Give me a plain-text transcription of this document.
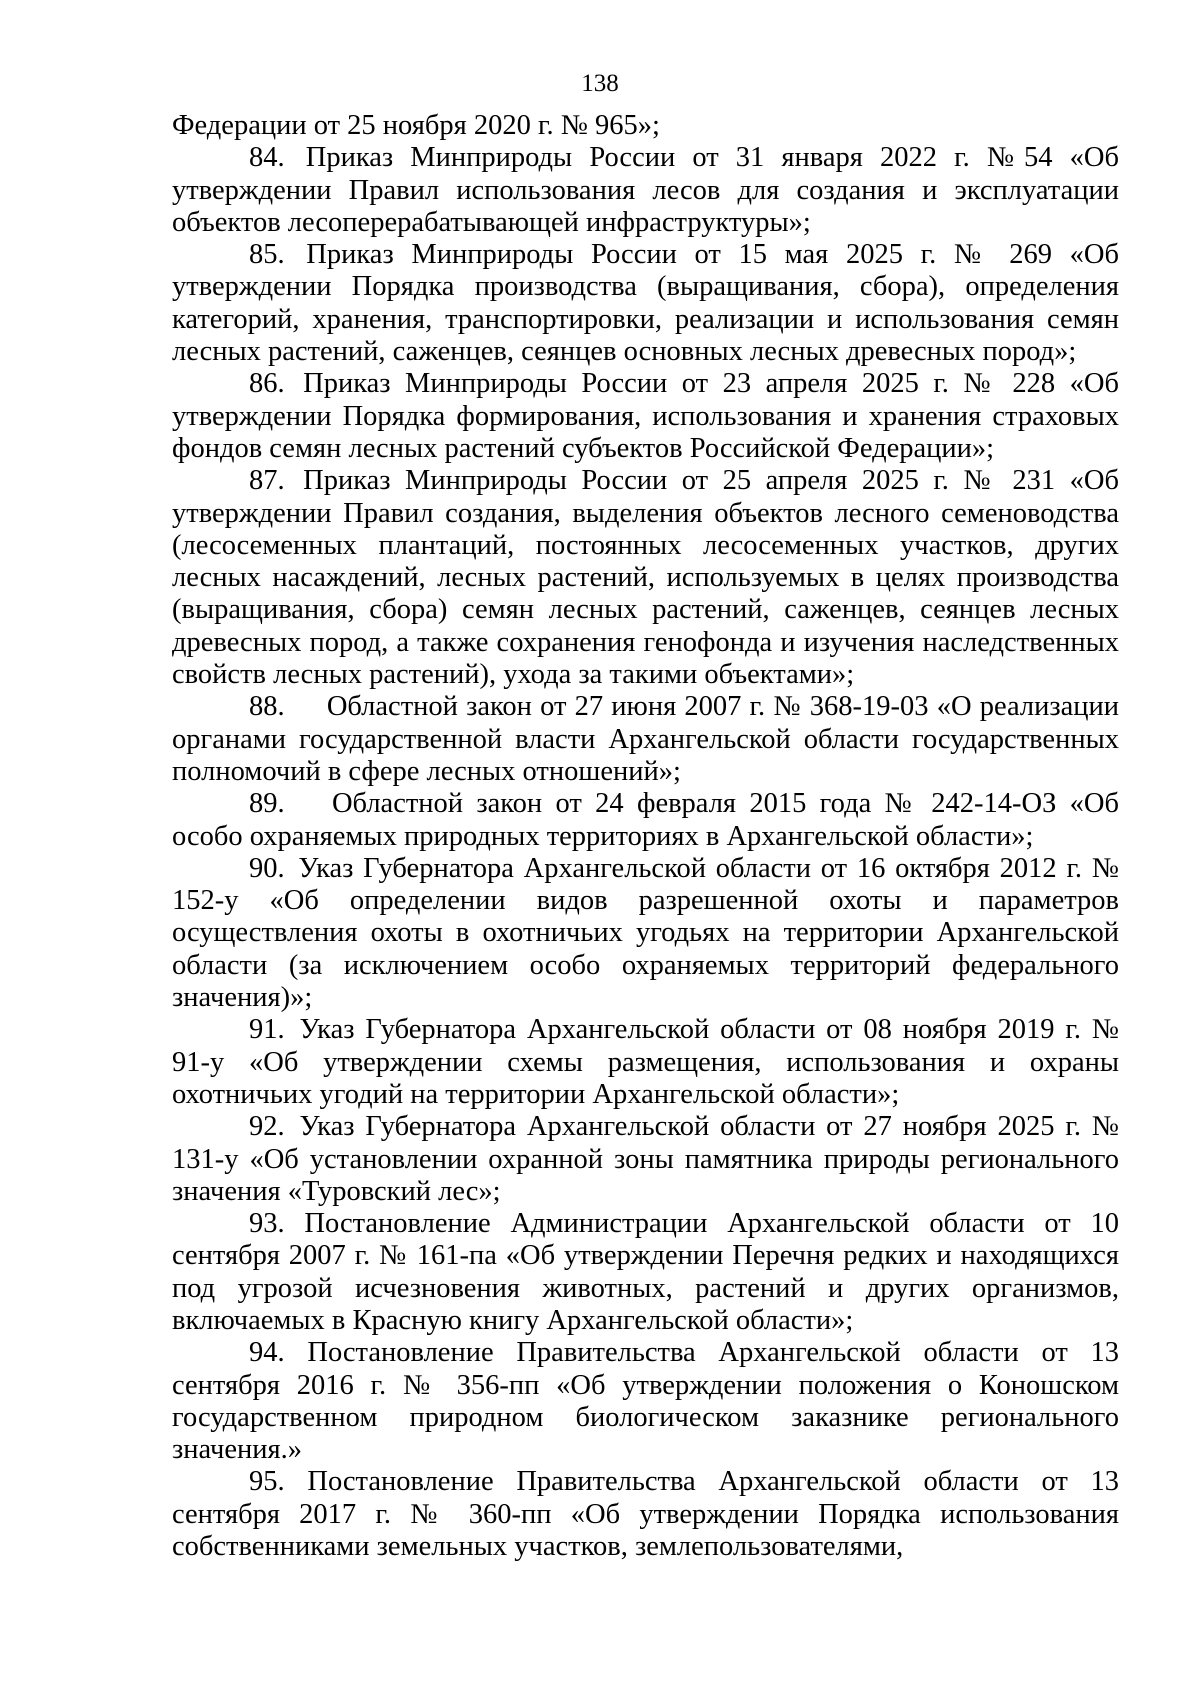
138

Федерации от 25 ноября 2020 г. № 965»;

84. Приказ Минприроды России от 31 января 2022 г. №54 «Об утверждении Правил использования лесов для создания и эксплуатации объектов лесоперерабатывающей инфраструктуры»;

85. Приказ Минприроды России от 15 мая 2025 г. № 269 «Об утверждении Порядка производства (выращивания, сбора), определения категорий, хранения, транспортировки, реализации и использования семян лесных растений, саженцев, сеянцев основных лесных древесных пород»;

86. Приказ Минприроды России от 23 апреля 2025 г. № 228 «Об утверждении Порядка формирования, использования и хранения страховых фондов семян лесных растений субъектов Российской Федерации»;

87. Приказ Минприроды России от 25 апреля 2025 г. № 231 «Об утверждении Правил создания, выделения объектов лесного семеноводства (лесосеменных плантаций, постоянных лесосеменных участков, других лесных насаждений, лесных растений, используемых в целях производства (выращивания, сбора) семян лесных растений, саженцев, сеянцев лесных древесных пород, а также сохранения генофонда и изучения наследственных свойств лесных растений), ухода за такими объектами»;

88. Областной закон от 27 июня 2007 г. № 368-19-03 «О реализации органами государственной власти Архангельской области государственных полномочий в сфере лесных отношений»;

89. Областной закон от 24 февраля 2015 года № 242-14-ОЗ «Об особо охраняемых природных территориях в Архангельской области»;

90. Указ Губернатора Архангельской области от 16 октября 2012 г. № 152-у «Об определении видов разрешенной охоты и параметров осуществления охоты в охотничьих угодьях на территории Архангельской области (за исключением особо охраняемых территорий федерального значения)»;

91. Указ Губернатора Архангельской области от 08 ноября 2019 г. № 91-у «Об утверждении схемы размещения, использования и охраны охотничьих угодий на территории Архангельской области»;

92. Указ Губернатора Архангельской области от 27 ноября 2025 г. № 131-у «Об установлении охранной зоны памятника природы регионального значения «Туровский лес»;

93. Постановление Администрации Архангельской области от 10 сентября 2007 г. № 161-па «Об утверждении Перечня редких и находящихся под угрозой исчезновения животных, растений и других организмов, включаемых в Красную книгу Архангельской области»;

94. Постановление Правительства Архангельской области от 13 сентября 2016 г. № 356-пп «Об утверждении положения о Коношском государственном природном биологическом заказнике регионального значения.»

95. Постановление Правительства Архангельской области от 13 сентября 2017 г. № 360-пп «Об утверждении Порядка использования собственниками земельных участков, землепользователями,
